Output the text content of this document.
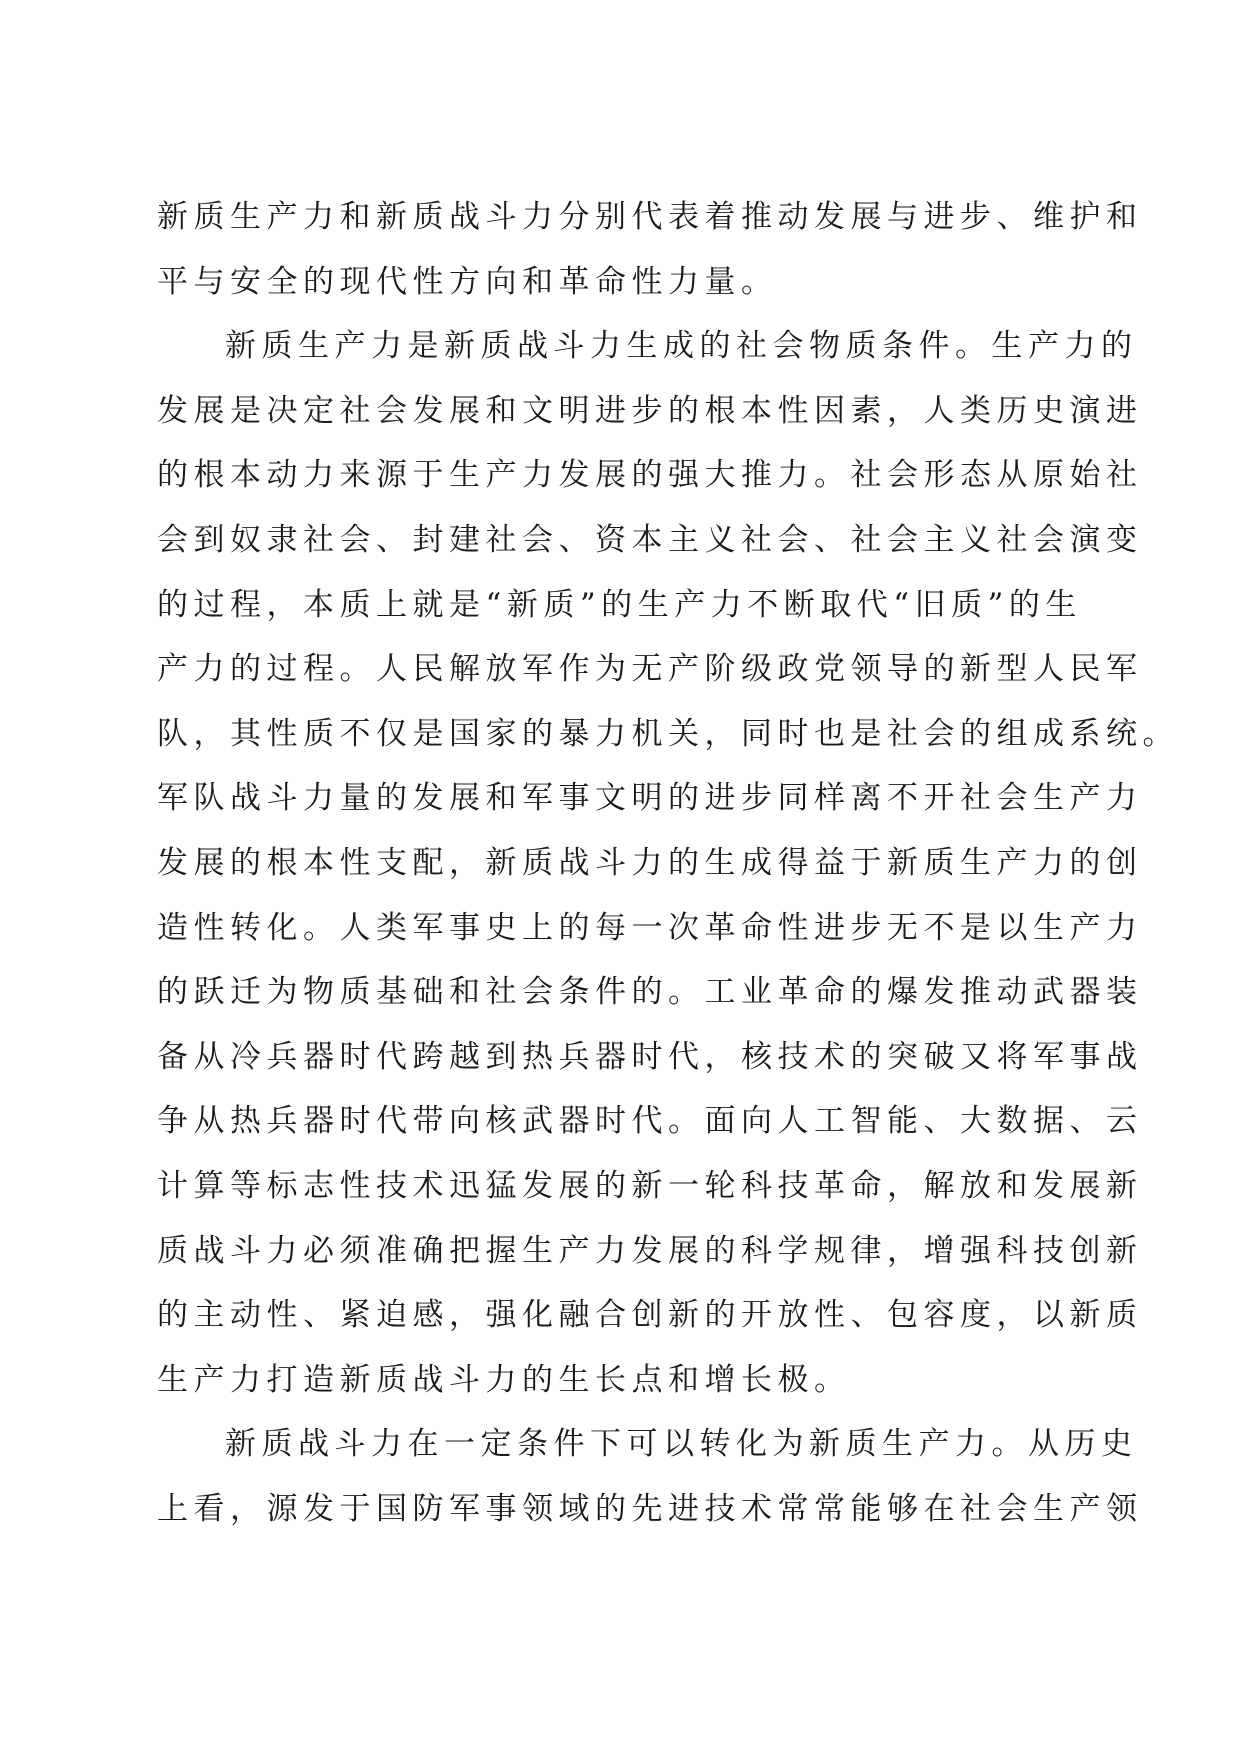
新质生产力和新质战斗力分别代表着推动发展与进步、维护和
平与安全的现代性方向和革命性力量。
新质生产力是新质战斗力生成的社会物质条件。生产力的
发展是决定社会发展和文明进步的根本性因素，人类历史演进
的根本动力来源于生产力发展的强大推力。社会形态从原始社
会到奴隶社会、封建社会、资本主义社会、社会主义社会演变
的过程，本质上就是“新质”的生产力不断取代“旧质”的生
产力的过程。人民解放军作为无产阶级政党领导的新型人民军
队，其性质不仅是国家的暴力机关，同时也是社会的组成系统。
军队战斗力量的发展和军事文明的进步同样离不开社会生产力
发展的根本性支配，新质战斗力的生成得益于新质生产力的创
造性转化。人类军事史上的每一次革命性进步无不是以生产力
的跃迁为物质基础和社会条件的。工业革命的爆发推动武器装
备从冷兵器时代跨越到热兵器时代，核技术的突破又将军事战
争从热兵器时代带向核武器时代。面向人工智能、大数据、云
计算等标志性技术迅猛发展的新一轮科技革命，解放和发展新
质战斗力必须准确把握生产力发展的科学规律，增强科技创新
的主动性、紧迫感，强化融合创新的开放性、包容度，以新质
生产力打造新质战斗力的生长点和增长极。
新质战斗力在一定条件下可以转化为新质生产力。从历史
上看，源发于国防军事领域的先进技术常常能够在社会生产领
